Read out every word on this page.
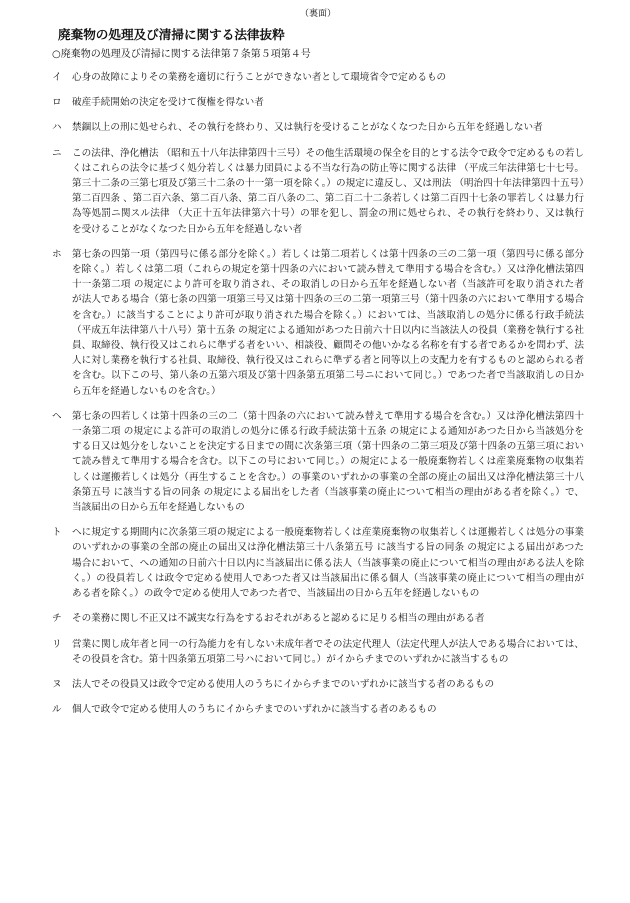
（裏面）
廃棄物の処理及び清掃に関する法律抜粋
○廃棄物の処理及び清掃に関する法律第７条第５項第４号
イ	心身の故障によりその業務を適切に行うことができない者として環境省令で定めるもの
ロ	破産手続開始の決定を受けて復権を得ない者
ハ	禁錮以上の刑に処せられ、その執行を終わり、又は執行を受けることがなくなつた日から五年を経過しない者
ニ	この法律、浄化槽法 （昭和五十八年法律第四十三号）その他生活環境の保全を目的とする法令で政令で定めるもの若しくはこれらの法令に基づく処分若しくは暴力団員による不当な行為の防止等に関する法律 （平成三年法律第七十七号。第三十二条の三第七項及び第三十二条の十一第一項を除く。）の規定に違反し、又は刑法 （明治四十年法律第四十五号）第二百四条 、第二百六条、第二百八条、第二百八条の二、第二百二十二条若しくは第二百四十七条の罪若しくは暴力行為等処罰ニ関スル法律 （大正十五年法律第六十号）の罪を犯し、罰金の刑に処せられ、その執行を終わり、又は執行を受けることがなくなつた日から五年を経過しない者
ホ	第七条の四第一項（第四号に係る部分を除く。）若しくは第二項若しくは第十四条の三の二第一項（第四号に係る部分を除く。）若しくは第二項（これらの規定を第十四条の六において読み替えて準用する場合を含む。）又は浄化槽法第四十一条第二項 の規定により許可を取り消され、その取消しの日から五年を経過しない者（当該許可を取り消された者が法人である場合（第七条の四第一項第三号又は第十四条の三の二第一項第三号（第十四条の六において準用する場合を含む。）に該当することにより許可が取り消された場合を除く。）においては、当該取消しの処分に係る行政手続法 （平成五年法律第八十八号）第十五条 の規定による通知があつた日前六十日以内に当該法人の役員（業務を執行する社員、取締役、執行役又はこれらに準ずる者をいい、相談役、顧問その他いかなる名称を有する者であるかを問わず、法人に対し業務を執行する社員、取締役、執行役又はこれらに準ずる者と同等以上の支配力を有するものと認められる者を含む。以下この号、第八条の五第六項及び第十四条第五項第二号ニにおいて同じ。）であつた者で当該取消しの日から五年を経過しないものを含む。）
ヘ	第七条の四若しくは第十四条の三の二（第十四条の六において読み替えて準用する場合を含む。）又は浄化槽法第四十一条第二項 の規定による許可の取消しの処分に係る行政手続法第十五条 の規定による通知があつた日から当該処分をする日又は処分をしないことを決定する日までの間に次条第三項（第十四条の二第三項及び第十四条の五第三項において読み替えて準用する場合を含む。以下この号において同じ。）の規定による一般廃棄物若しくは産業廃棄物の収集若しくは運搬若しくは処分（再生することを含む。）の事業のいずれかの事業の全部の廃止の届出又は浄化槽法第三十八条第五号 に該当する旨の同条 の規定による届出をした者（当該事業の廃止について相当の理由がある者を除く。）で、当該届出の日から五年を経過しないもの
ト	ヘに規定する期間内に次条第三項の規定による一般廃棄物若しくは産業廃棄物の収集若しくは運搬若しくは処分の事業のいずれかの事業の全部の廃止の届出又は浄化槽法第三十八条第五号 に該当する旨の同条 の規定による届出があつた場合において、への通知の日前六十日以内に当該届出に係る法人（当該事業の廃止について相当の理由がある法人を除く。）の役員若しくは政令で定める使用人であつた者又は当該届出に係る個人（当該事業の廃止について相当の理由がある者を除く。）の政令で定める使用人であつた者で、当該届出の日から五年を経過しないもの
チ	その業務に関し不正又は不誠実な行為をするおそれがあると認めるに足りる相当の理由がある者
リ	営業に関し成年者と同一の行為能力を有しない未成年者でその法定代理人（法定代理人が法人である場合においては、その役員を含む。第十四条第五項第二号ハにおいて同じ。）がイからチまでのいずれかに該当するもの
ヌ	法人でその役員又は政令で定める使用人のうちにイからチまでのいずれかに該当する者のあるもの
ル	個人で政令で定める使用人のうちにイからチまでのいずれかに該当する者のあるもの
